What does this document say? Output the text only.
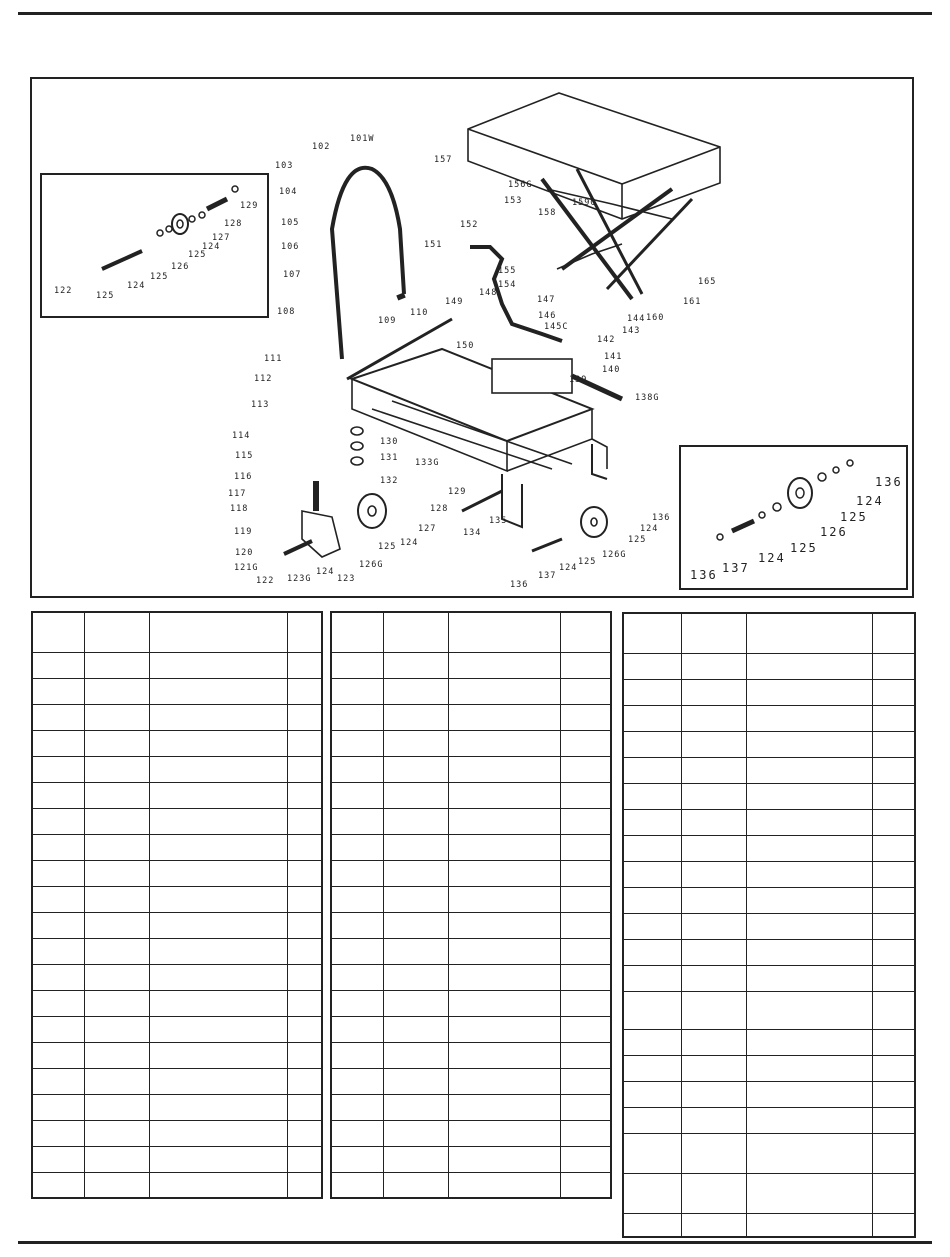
122	125
124
125
126
125
124
127
128
129
136
124
125
126
125
124
137
136
101W
102
103
104
105
106
107
108
109
110
111
112
113
114
115
116
117
118
119
120
121G
122 123G
124
123
126G
125 124
127
128
129
130
131
132
133G
134
135
136
137
124
125
126G
125
124
136
138G
139
140
141
142
143
144
145C
146
147
148
149
150
151
152
153
154
155
156G
157
158
159G
160
161
165
